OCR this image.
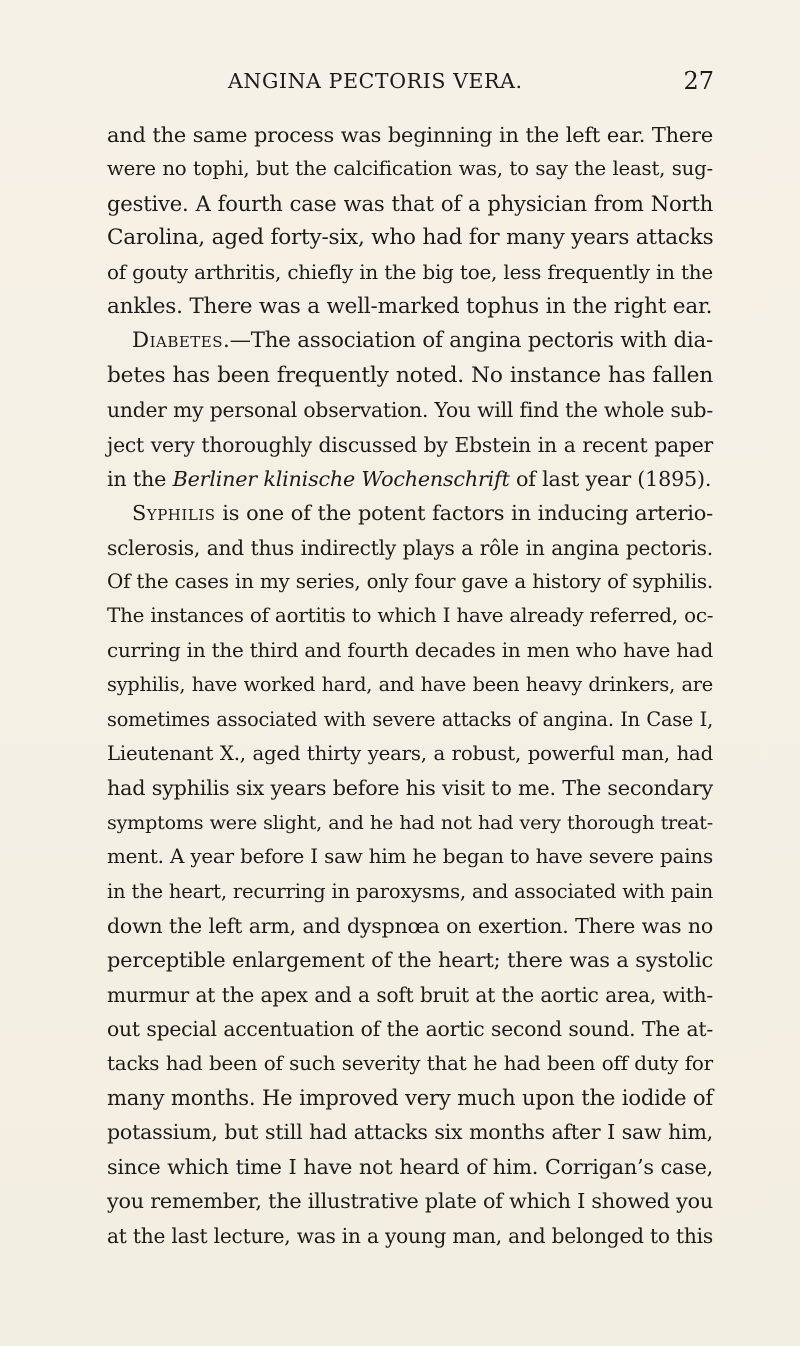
ANGINA PECTORIS VERA.	27
and the same process was beginning in the left ear. There
were no tophi, but the calcification was, to say the least, sug-
gestive. A fourth case was that of a physician from North
Carolina, aged forty-six, who had for many years attacks
of gouty arthritis, chiefly in the big toe, less frequently in the
ankles. There was a well-marked tophus in the right ear.
Diabetes.—The association of angina pectoris with dia-
betes has been frequently noted. No instance has fallen
under my personal observation. You will find the whole sub-
ject very thoroughly discussed by Ebstein in a recent paper
in the Berliner klinische Wochenschrift of last year (1895).
Syphilis is one of the potent factors in inducing arterio-
sclerosis, and thus indirectly plays a rôle in angina pectoris.
Of the cases in my series, only four gave a history of syphilis.
The instances of aortitis to which I have already referred, oc-
curring in the third and fourth decades in men who have had
syphilis, have worked hard, and have been heavy drinkers, are
sometimes associated with severe attacks of angina. In Case I,
Lieutenant X., aged thirty years, a robust, powerful man, had
had syphilis six years before his visit to me. The secondary
symptoms were slight, and he had not had very thorough treat-
ment. A year before I saw him he began to have severe pains
in the heart, recurring in paroxysms, and associated with pain
down the left arm, and dyspnœa on exertion. There was no
perceptible enlargement of the heart; there was a systolic
murmur at the apex and a soft bruit at the aortic area, with-
out special accentuation of the aortic second sound. The at-
tacks had been of such severity that he had been off duty for
many months. He improved very much upon the iodide of
potassium, but still had attacks six months after I saw him,
since which time I have not heard of him. Corrigan’s case,
you remember, the illustrative plate of which I showed you
at the last lecture, was in a young man, and belonged to this
